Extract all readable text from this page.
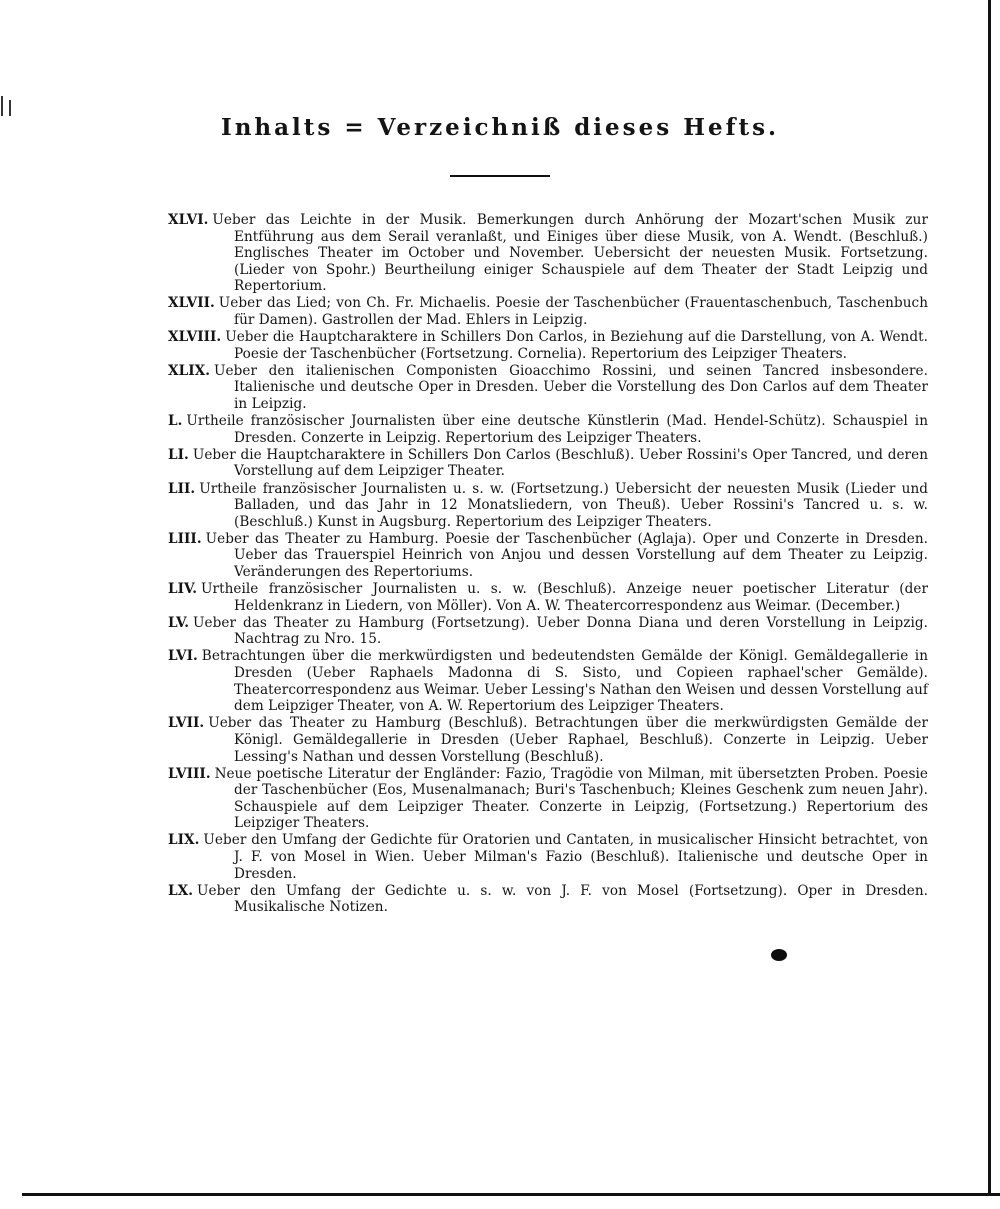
Inhalts = Verzeichniß dieses Hefts.

XLVI. Ueber das Leichte in der Musik. Bemerkungen durch Anhörung der Mozart'schen Musik zur Entführung aus dem Serail veranlaßt, und Einiges über diese Musik, von A. Wendt. (Beschluß.) Englisches Theater im October und November. Uebersicht der neuesten Musik. Fortsetzung. (Lieder von Spohr.) Beurtheilung einiger Schauspiele auf dem Theater der Stadt Leipzig und Repertorium.

XLVII. Ueber das Lied; von Ch. Fr. Michaelis. Poesie der Taschenbücher (Frauentaschenbuch, Taschenbuch für Damen). Gastrollen der Mad. Ehlers in Leipzig.

XLVIII. Ueber die Hauptcharaktere in Schillers Don Carlos, in Beziehung auf die Darstellung, von A. Wendt. Poesie der Taschenbücher (Fortsetzung. Cornelia). Repertorium des Leipziger Theaters.

XLIX. Ueber den italienischen Componisten Gioacchimo Rossini, und seinen Tancred insbesondere. Italienische und deutsche Oper in Dresden. Ueber die Vorstellung des Don Carlos auf dem Theater in Leipzig.

L. Urtheile französischer Journalisten über eine deutsche Künstlerin (Mad. Hendel-Schütz). Schauspiel in Dresden. Conzerte in Leipzig. Repertorium des Leipziger Theaters.

LI. Ueber die Hauptcharaktere in Schillers Don Carlos (Beschluß). Ueber Rossini's Oper Tancred, und deren Vorstellung auf dem Leipziger Theater.

LII. Urtheile französischer Journalisten u. s. w. (Fortsetzung.) Uebersicht der neuesten Musik (Lieder und Balladen, und das Jahr in 12 Monatsliedern, von Theuß). Ueber Rossini's Tancred u. s. w. (Beschluß.) Kunst in Augsburg. Repertorium des Leipziger Theaters.

LIII. Ueber das Theater zu Hamburg. Poesie der Taschenbücher (Aglaja). Oper und Conzerte in Dresden. Ueber das Trauerspiel Heinrich von Anjou und dessen Vorstellung auf dem Theater zu Leipzig. Veränderungen des Repertoriums.

LIV. Urtheile französischer Journalisten u. s. w. (Beschluß). Anzeige neuer poetischer Literatur (der Heldenkranz in Liedern, von Möller). Von A. W. Theatercorrespondenz aus Weimar. (December.)

LV. Ueber das Theater zu Hamburg (Fortsetzung). Ueber Donna Diana und deren Vorstellung in Leipzig. Nachtrag zu Nro. 15.

LVI. Betrachtungen über die merkwürdigsten und bedeutendsten Gemälde der Königl. Gemäldegallerie in Dresden (Ueber Raphaels Madonna di S. Sisto, und Copieen raphael'scher Gemälde). Theatercorrespondenz aus Weimar. Ueber Lessing's Nathan den Weisen und dessen Vorstellung auf dem Leipziger Theater, von A. W. Repertorium des Leipziger Theaters.

LVII. Ueber das Theater zu Hamburg (Beschluß). Betrachtungen über die merkwürdigsten Gemälde der Königl. Gemäldegallerie in Dresden (Ueber Raphael, Beschluß). Conzerte in Leipzig. Ueber Lessing's Nathan und dessen Vorstellung (Beschluß).

LVIII. Neue poetische Literatur der Engländer: Fazio, Tragödie von Milman, mit übersetzten Proben. Poesie der Taschenbücher (Eos, Musenalmanach; Buri's Taschenbuch; Kleines Geschenk zum neuen Jahr). Schauspiele auf dem Leipziger Theater. Conzerte in Leipzig, (Fortsetzung.) Repertorium des Leipziger Theaters.

LIX. Ueber den Umfang der Gedichte für Oratorien und Cantaten, in musicalischer Hinsicht betrachtet, von J. F. von Mosel in Wien. Ueber Milman's Fazio (Beschluß). Italienische und deutsche Oper in Dresden.

LX. Ueber den Umfang der Gedichte u. s. w. von J. F. von Mosel (Fortsetzung). Oper in Dresden. Musikalische Notizen.
